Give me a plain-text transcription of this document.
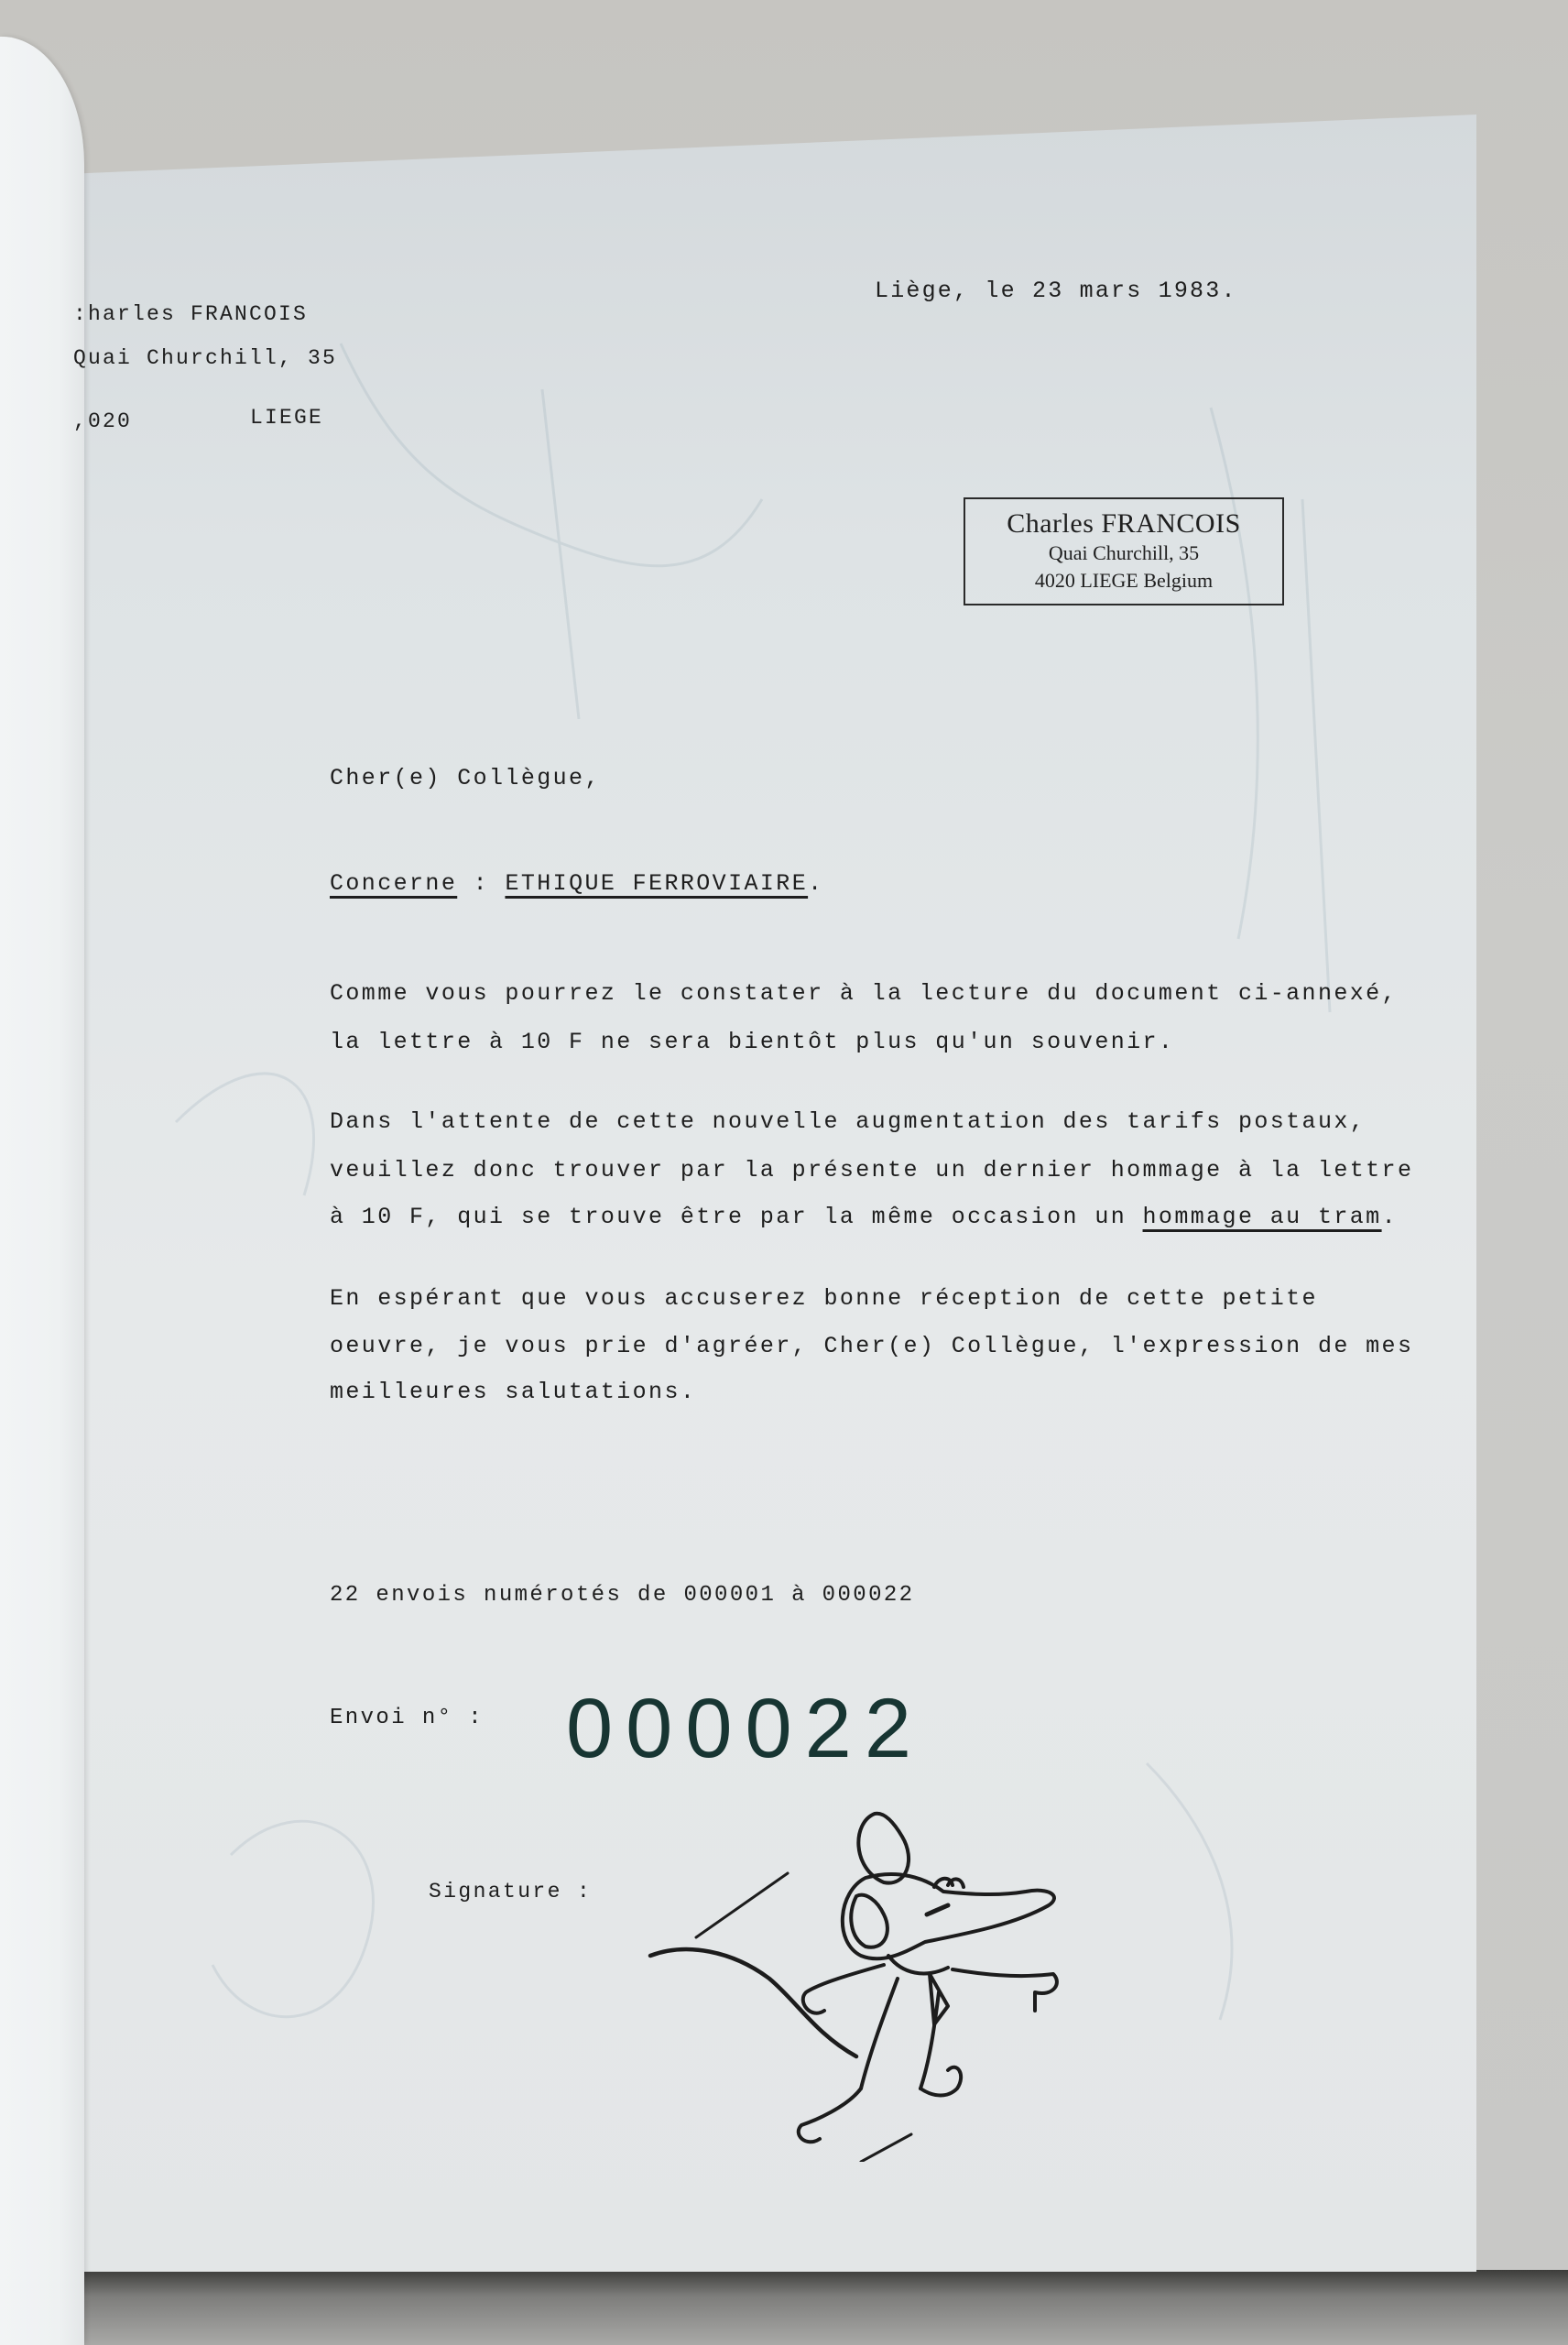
Liège, le 23 mars 1983.
:harles FRANCOIS
Quai Churchill, 35
,020	LIEGE
Charles FRANCOIS
Quai Churchill, 35
4020 LIEGE Belgium
Cher(e) Collègue,
Concerne : ETHIQUE FERROVIAIRE.
Comme vous pourrez le constater à la lecture du document ci-annexé,
la lettre à 10 F ne sera bientôt plus qu'un souvenir.
Dans l'attente de cette nouvelle augmentation des tarifs postaux,
veuillez donc trouver par la présente un dernier hommage à la lettre
à 10 F, qui se trouve être par la même occasion un hommage au tram.
En espérant que vous accuserez bonne réception de cette petite
oeuvre, je vous prie d'agréer, Cher(e) Collègue, l'expression de mes
meilleures salutations.
22 envois numérotés de 000001 à 000022
Envoi n° : 000022
Signature :
